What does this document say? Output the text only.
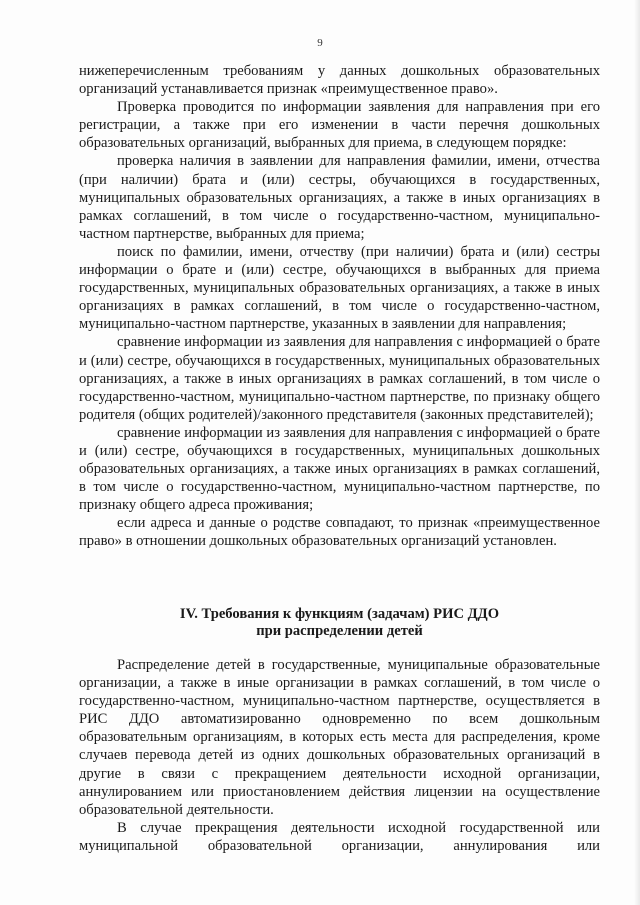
9

нижеперечисленным требованиям у данных дошкольных образовательных организаций устанавливается признак «преимущественное право».

Проверка проводится по информации заявления для направления при его регистрации, а также при его изменении в части перечня дошкольных образовательных организаций, выбранных для приема, в следующем порядке:

проверка наличия в заявлении для направления фамилии, имени, отчества (при наличии) брата и (или) сестры, обучающихся в государственных, муниципальных образовательных организациях, а также в иных организациях в рамках соглашений, в том числе о государственно-частном, муниципально-частном партнерстве, выбранных для приема;

поиск по фамилии, имени, отчеству (при наличии) брата и (или) сестры информации о брате и (или) сестре, обучающихся в выбранных для приема государственных, муниципальных образовательных организациях, а также в иных организациях в рамках соглашений, в том числе о государственно-частном, муниципально-частном партнерстве, указанных в заявлении для направления;

сравнение информации из заявления для направления с информацией о брате и (или) сестре, обучающихся в государственных, муниципальных образовательных организациях, а также в иных организациях в рамках соглашений, в том числе о государственно-частном, муниципально-частном партнерстве, по признаку общего родителя (общих родителей)/законного представителя (законных представителей);

сравнение информации из заявления для направления с информацией о брате и (или) сестре, обучающихся в государственных, муниципальных дошкольных образовательных организациях, а также иных организациях в рамках соглашений, в том числе о государственно-частном, муниципально-частном партнерстве, по признаку общего адреса проживания;

если адреса и данные о родстве совпадают, то признак «преимущественное право» в отношении дошкольных образовательных организаций установлен.

IV. Требования к функциям (задачам) РИС ДДО
при распределении детей

Распределение детей в государственные, муниципальные образовательные организации, а также в иные организации в рамках соглашений, в том числе о государственно-частном, муниципально-частном партнерстве, осуществляется в РИС ДДО автоматизированно одновременно по всем дошкольным образовательным организациям, в которых есть места для распределения, кроме случаев перевода детей из одних дошкольных образовательных организаций в другие в связи с прекращением деятельности исходной организации, аннулированием или приостановлением действия лицензии на осуществление образовательной деятельности.

В случае прекращения деятельности исходной государственной или муниципальной образовательной организации, аннулирования или
